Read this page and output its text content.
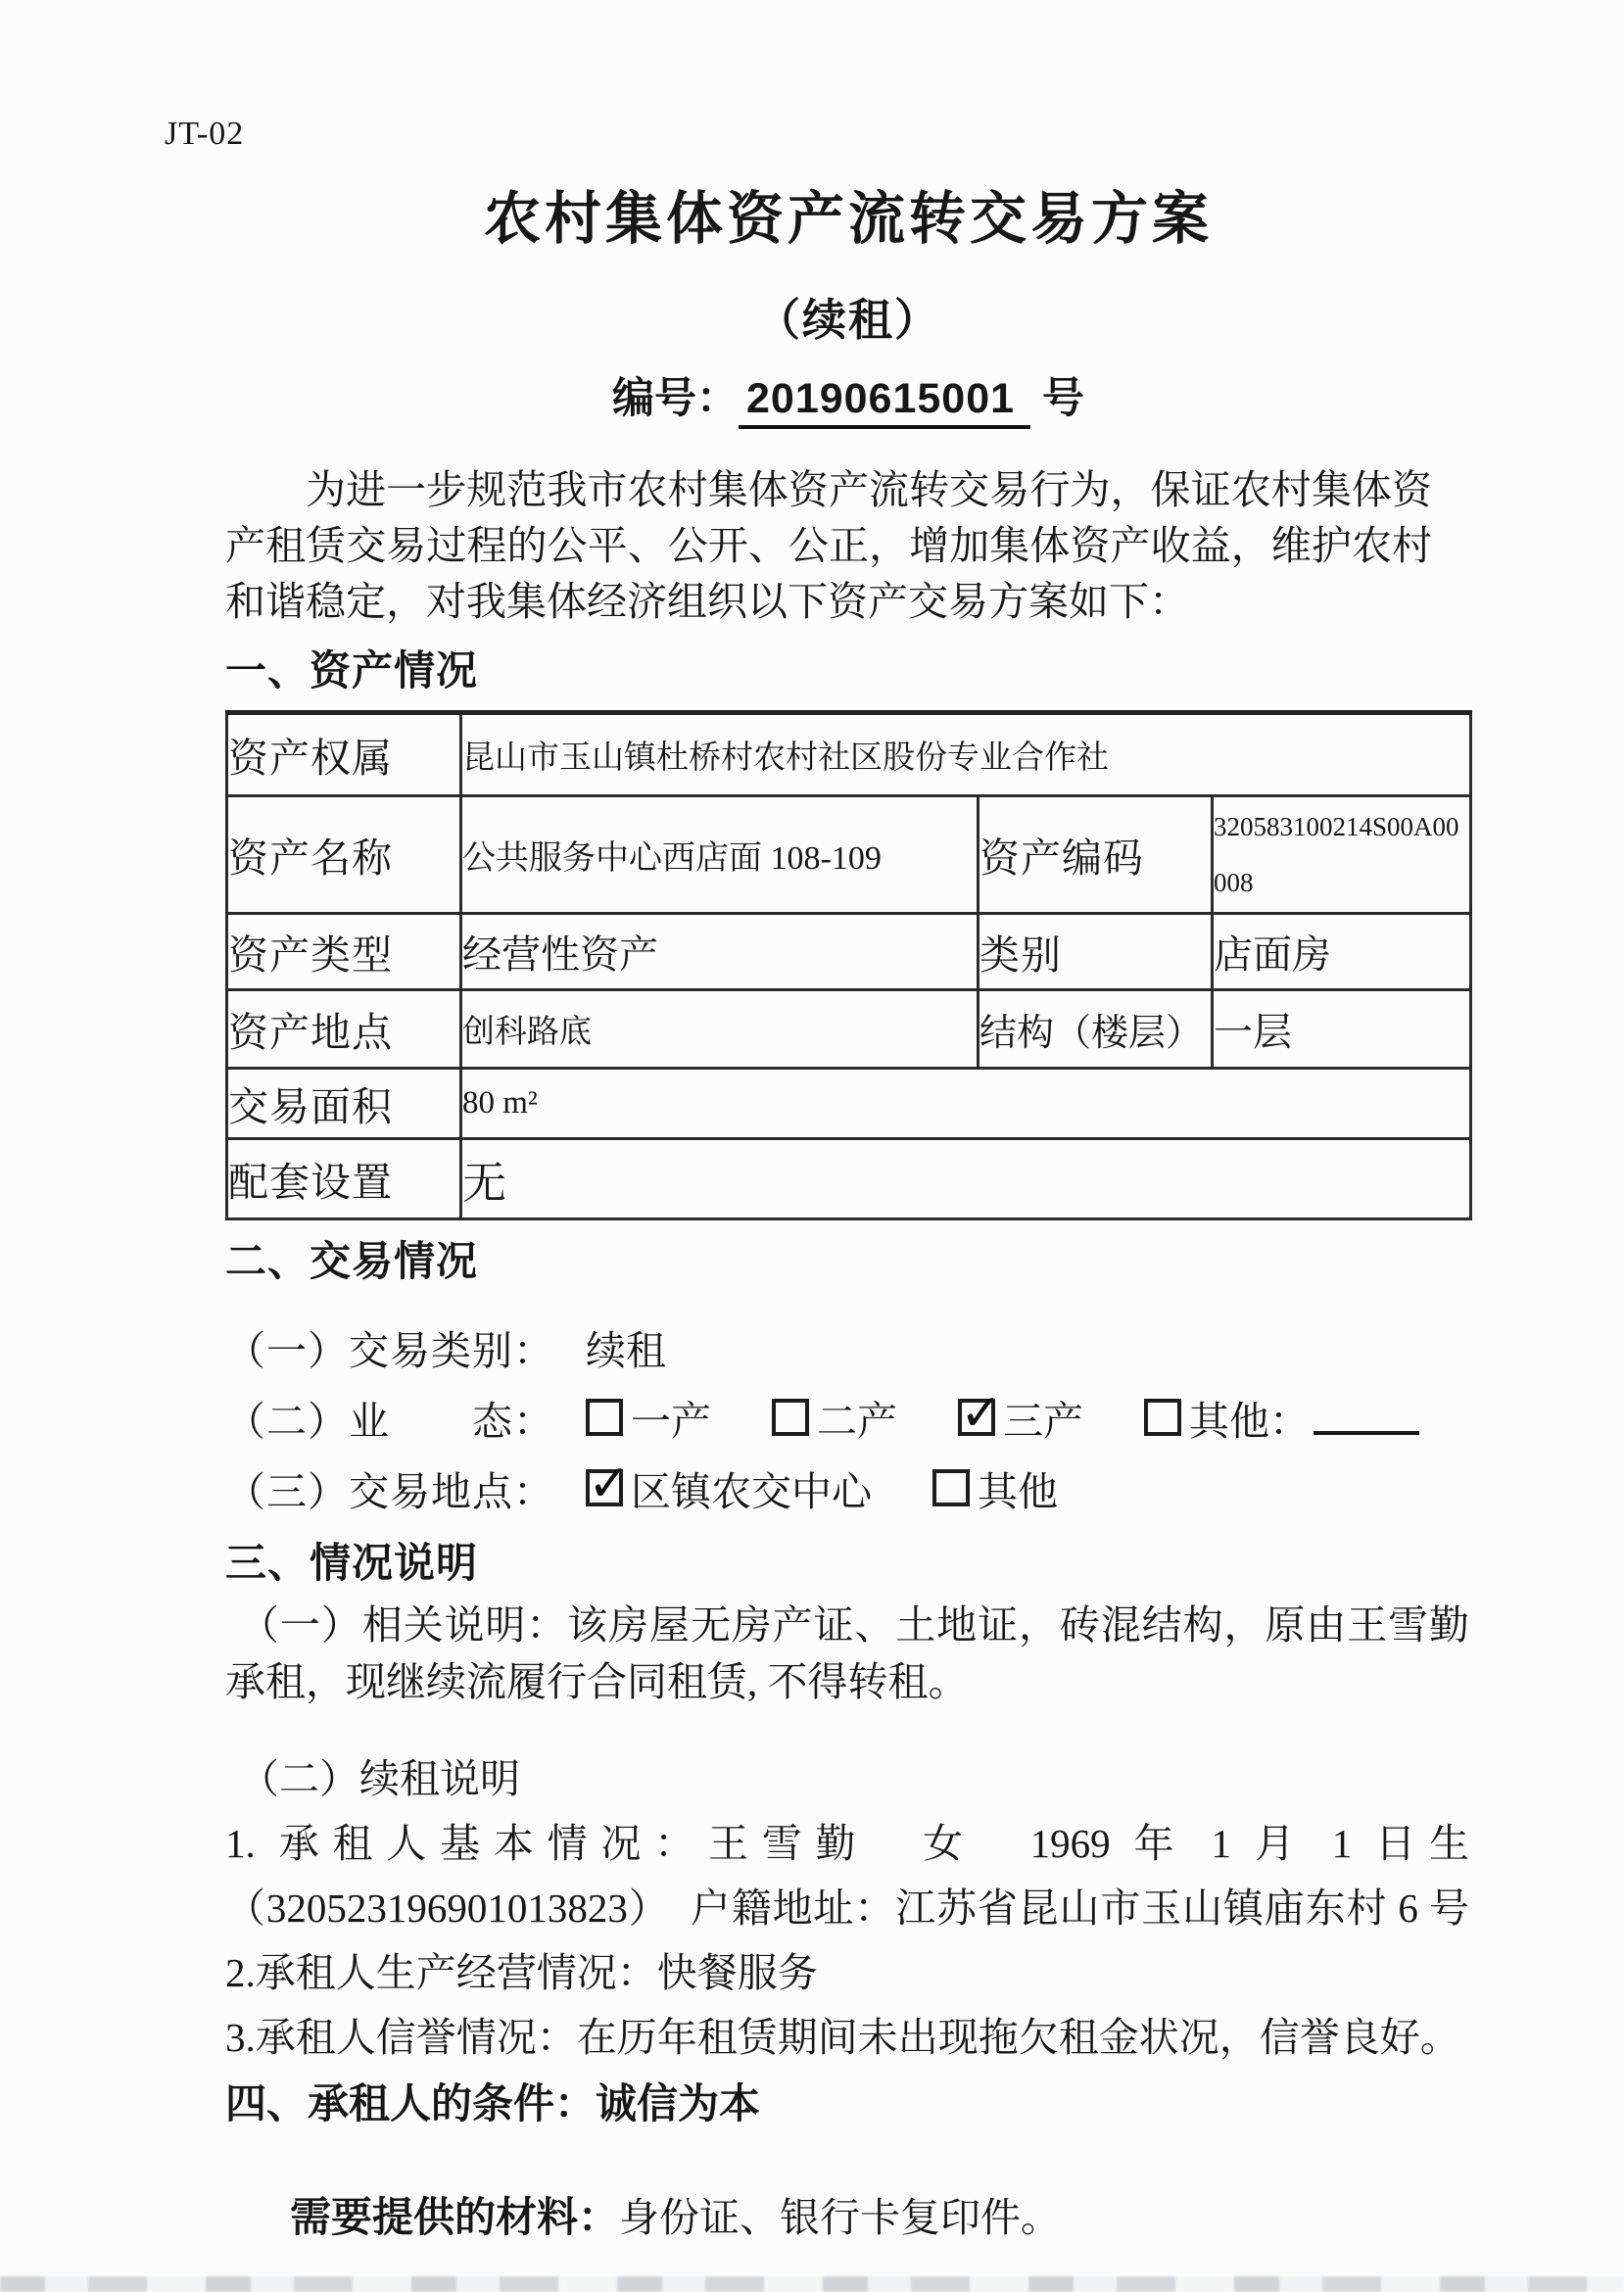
JT-02
农村集体资产流转交易方案
（续租）
编号： 20190615001 号

为进一步规范我市农村集体资产流转交易行为，保证农村集体资产租赁交易过程的公平、公开、公正，增加集体资产收益，维护农村和谐稳定，对我集体经济组织以下资产交易方案如下：

一、资产情况
资产权属	昆山市玉山镇杜桥村农村社区股份专业合作社		
资产名称	公共服务中心西店面 108-109	资产编码	320583100214S00A00008
资产类型	经营性资产	类别	店面房
资产地点	创科路底	结构（楼层）	一层
交易面积	80 m²		
配套设置	无		
二、交易情况
（一）交易类别： 续租
（二）业　　态： 一产	二产 ✓	三产	其他：
（三）交易地点： ✓ 区镇农交中心	其他
三、情况说明

（一）相关说明：该房屋无房产证、土地证，砖混结构，原由王雪勤承租，现继续流履行合同租赁, 不得转租。

（二）续租说明
1. 承租人基本情况：王雪勤　女　1969 年 1 月 1 日生
（320523196901013823）　户籍地址：江苏省昆山市玉山镇庙东村 6 号
2.承租人生产经营情况：快餐服务
3.承租人信誉情况：在历年租赁期间未出现拖欠租金状况，信誉良好。
四、承租人的条件：诚信为本
需要提供的材料：身份证、银行卡复印件。
